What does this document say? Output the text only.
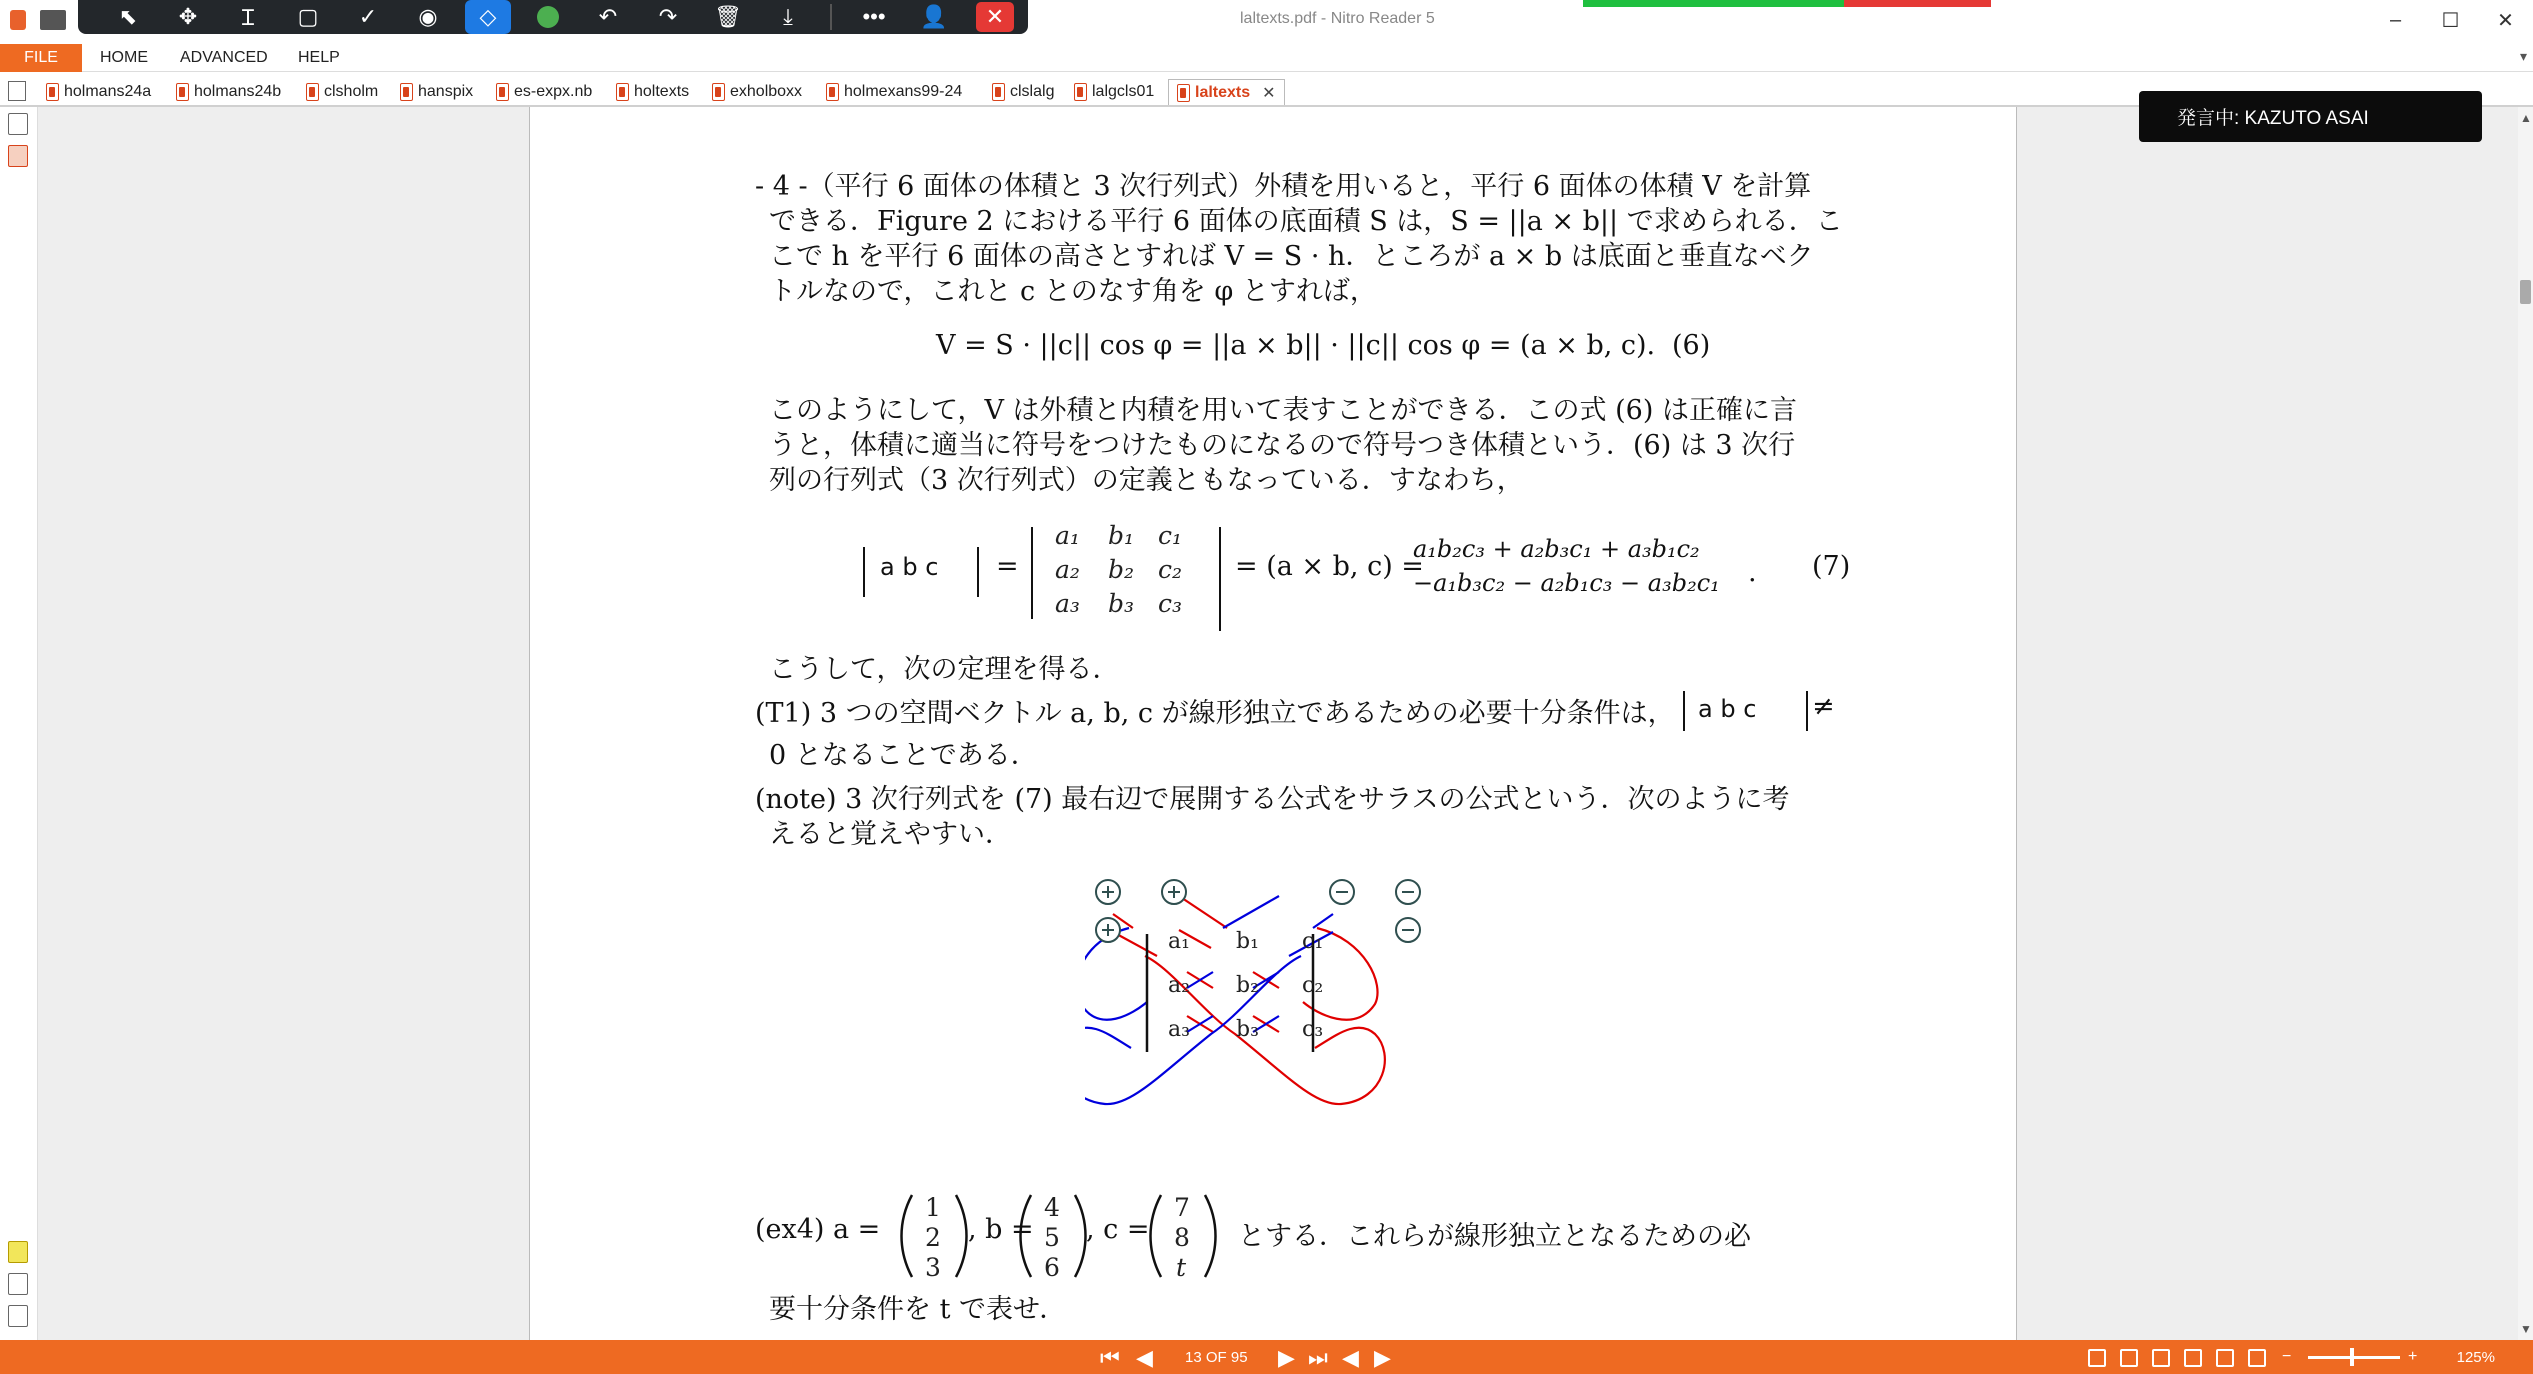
laltexts.pdf - Nitro Reader 5	–	☐	✕
⬉	✥	Ɪ	▢	✓	◉	◇	↶	↷	🗑	⤓	•••	👤	✕
FILE	HOME ADVANCED HELP	▾
holmans24a	holmans24b	clsholm hanspix	es-expx.nb	holtexts	exholboxx	holmexans99-24	clslalg lalgcls01	laltexts ✕
- 4 -（平行 6 面体の体積と 3 次行列式）外積を用いると，平行 6 面体の体積 V を計算
できる．Figure 2 における平行 6 面体の底面積 S は，S = ||a × b|| で求められる．こ
こで h を平行 6 面体の高さとすれば V = S · h．ところが a × b は底面と垂直なベク
トルなので，これと c とのなす角を φ とすれば，
V = S · ||c|| cos φ = ||a × b|| · ||c|| cos φ = (a × b, c). (6)
このようにして，V は外積と内積を用いて表すことができる．この式 (6) は正確に言
うと，体積に適当に符号をつけたものになるので符号つき体積という．(6) は 3 次行
列の行列式（3 次行列式）の定義ともなっている．すなわち，
a b c =
a₁ b₁ c₁
a₂ b₂ c₂
a₃ b₃ c₃
= (a × b, c) =
a₁b₂c₃ + a₂b₃c₁ + a₃b₁c₂
−a₁b₃c₂ − a₂b₁c₃ − a₃b₂c₁ . (7)
こうして，次の定理を得る．
(T1) 3 つの空間ベクトル a, b, c が線形独立であるための必要十分条件は， a b c ≠
0 となることである．
(note) 3 次行列式を (7) 最右辺で展開する公式をサラスの公式という．次のように考
えると覚えやすい．
a₁ b₁ c₁
a₂ b₂ c₂
a₃ b₃ c₃
(ex4) a =
1
2
3
, b =
4
5
6
, c =
7
8
t
とする．これらが線形独立となるための必
要十分条件を t で表せ．
▲
▼
発言中: KAZUTO ASAI
⏮ ◀ 13 OF 95 ▶ ⏭ ◀ ▶	−	+	125%
